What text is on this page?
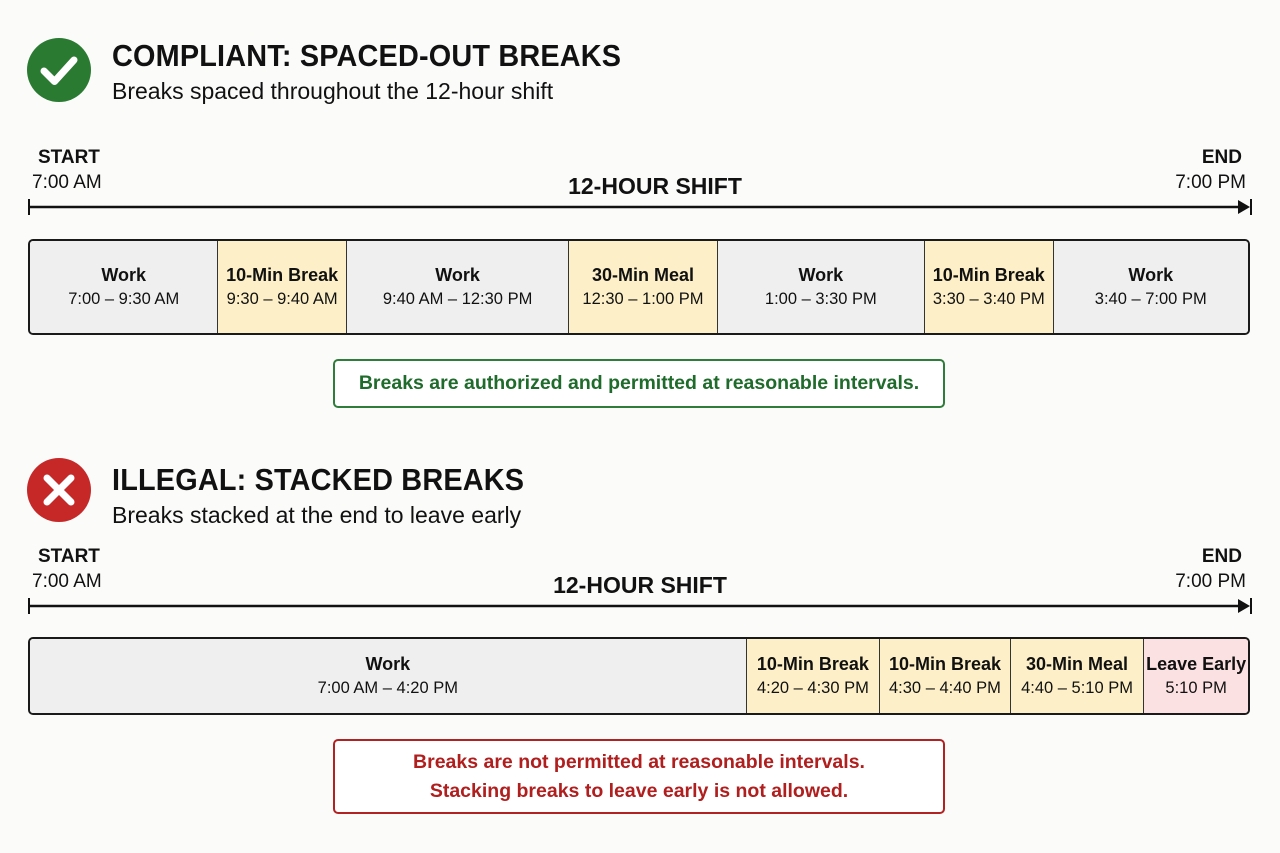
COMPLIANT: SPACED-OUT BREAKS

Breaks spaced throughout the 12-hour shift

START
7:00 AM
END
7:00 PM
12-HOUR SHIFT
Work
7:00 – 9:30 AM
10-Min Break
9:30 – 9:40 AM
Work
9:40 AM – 12:30 PM
30-Min Meal
12:30 – 1:00 PM
Work
1:00 – 3:30 PM
10-Min Break
3:30 – 3:40 PM
Work
3:40 – 7:00 PM
Breaks are authorized and permitted at reasonable intervals.
ILLEGAL: STACKED BREAKS

Breaks stacked at the end to leave early

START
7:00 AM
END
7:00 PM
12-HOUR SHIFT
Work
7:00 AM – 4:20 PM
10-Min Break
4:20 – 4:30 PM
10-Min Break
4:30 – 4:40 PM
30-Min Meal
4:40 – 5:10 PM
Leave Early
5:10 PM
Breaks are not permitted at reasonable intervals.
Stacking breaks to leave early is not allowed.
